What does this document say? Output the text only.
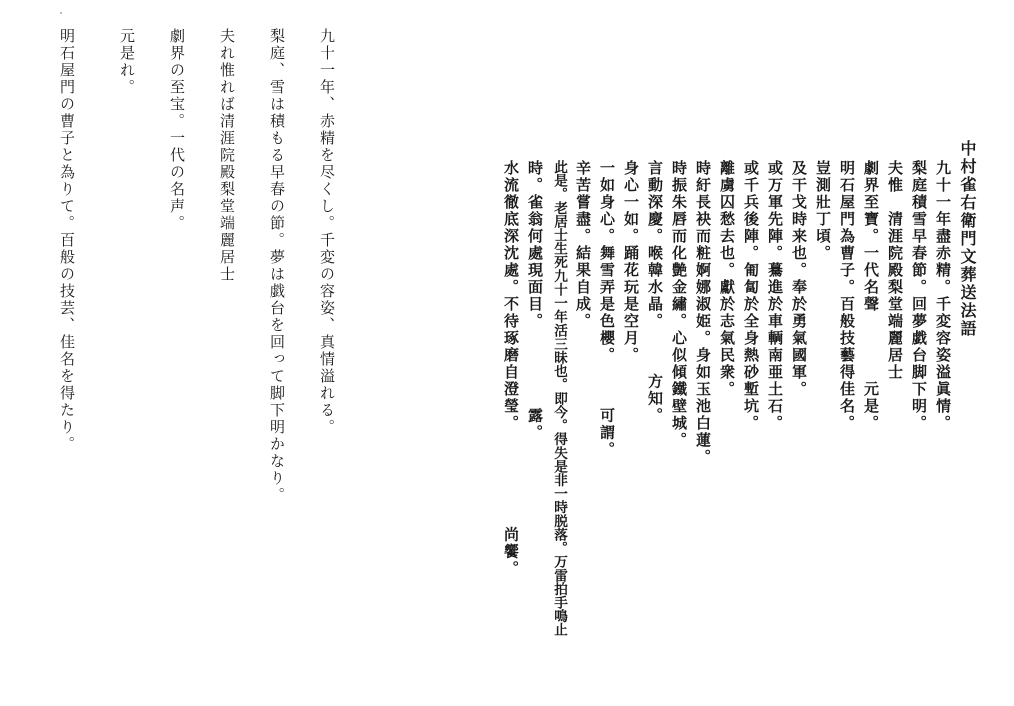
中村雀右衛門文葬送法語
九十一年盡赤精。千変容姿溢眞情。
梨庭積雪早春節。回夢戯台脚下明。
夫惟　清涯院殿梨堂端麗居士
劇界至寶。一代名聲　　　　元是。
明石屋門為曹子。百般技藝得佳名。
豈測壯丁頃。
及干戈時来也。奉於勇氣國軍。
或万軍先陣。驀進於車輌南亜土石。
或千兵後陣。匍匐於全身熱砂塹坑。
離虜囚愁去也。獻於志氣民衆。
時紆長袂而粧婀娜淑姫。身如玉池白蓮。
時振朱唇而化艶金繡。心似傾鐵壁城。
言動深慶。喉韓水晶。　　　方知。
身心一如。踊花玩是空月。
一如身心。舞雪弄是色櫻。　　　可謂。
辛苦嘗盡。結果自成。
此是。老居士生死九十一年活三昧也。即今。得失是非一時脱落。万雷拍手鳴止
時。雀翁何處現面目。　　　　　露。
水流徹底深沈處。不待琢磨自澄瑩。　　　　　　尚饗。
九十一年、赤精を尽くし。千変の容姿、真情溢れる。
梨庭、雪は積もる早春の節。夢は戯台を回って脚下明かなり。
夫れ惟れば清涯院殿梨堂端麗居士
劇界の至宝。一代の名声。
元是れ。
明石屋門の曹子と為りて。百般の技芸、佳名を得たり。
